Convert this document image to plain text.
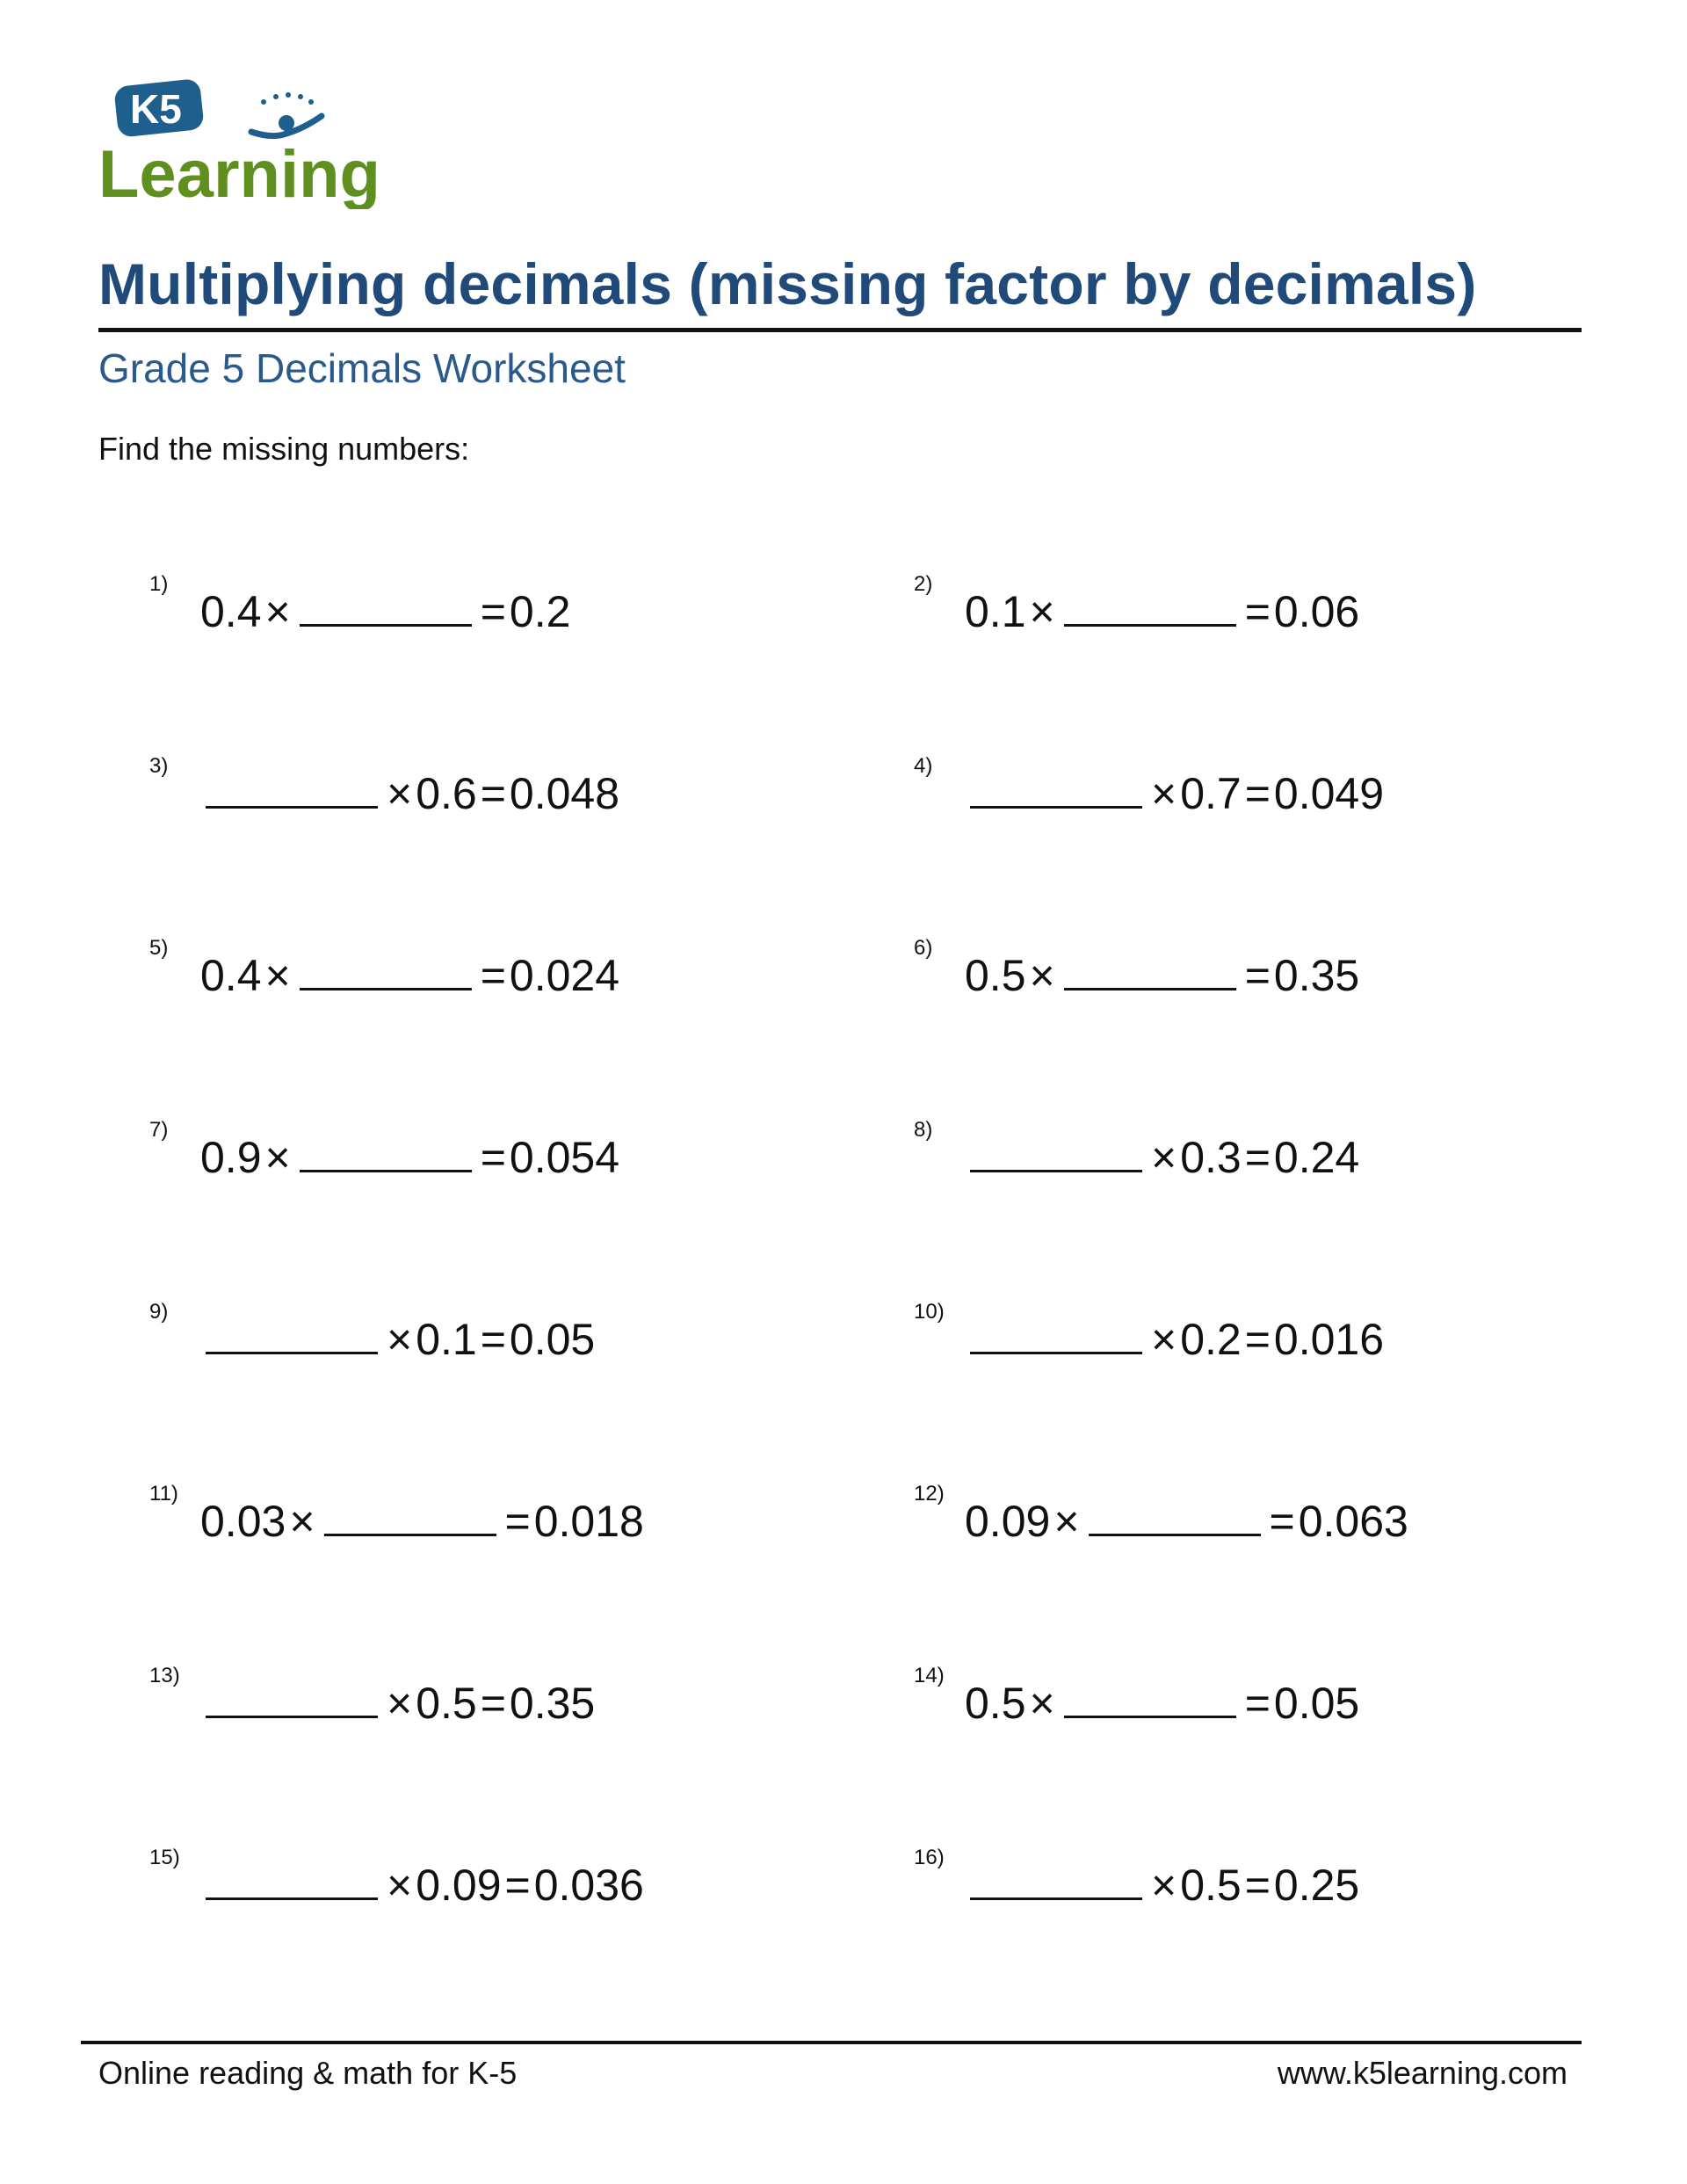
K5
Learning
Multiplying decimals (missing factor by decimals)
Grade 5 Decimals Worksheet
Find the missing numbers:
1)
0.4×	=0.2
2)
0.1×	=0.06
3)
×0.6=0.048
4)
×0.7=0.049
5)
0.4×	=0.024
6)
0.5×	=0.35
7)
0.9×	=0.054
8)
×0.3=0.24
9)
×0.1=0.05
10)
×0.2=0.016
11)
0.03×	=0.018
12)
0.09×	=0.063
13)
×0.5=0.35
14)
0.5×	=0.05
15)
×0.09=0.036
16)
×0.5=0.25
Online reading & math for K-5	www.k5learning.com
